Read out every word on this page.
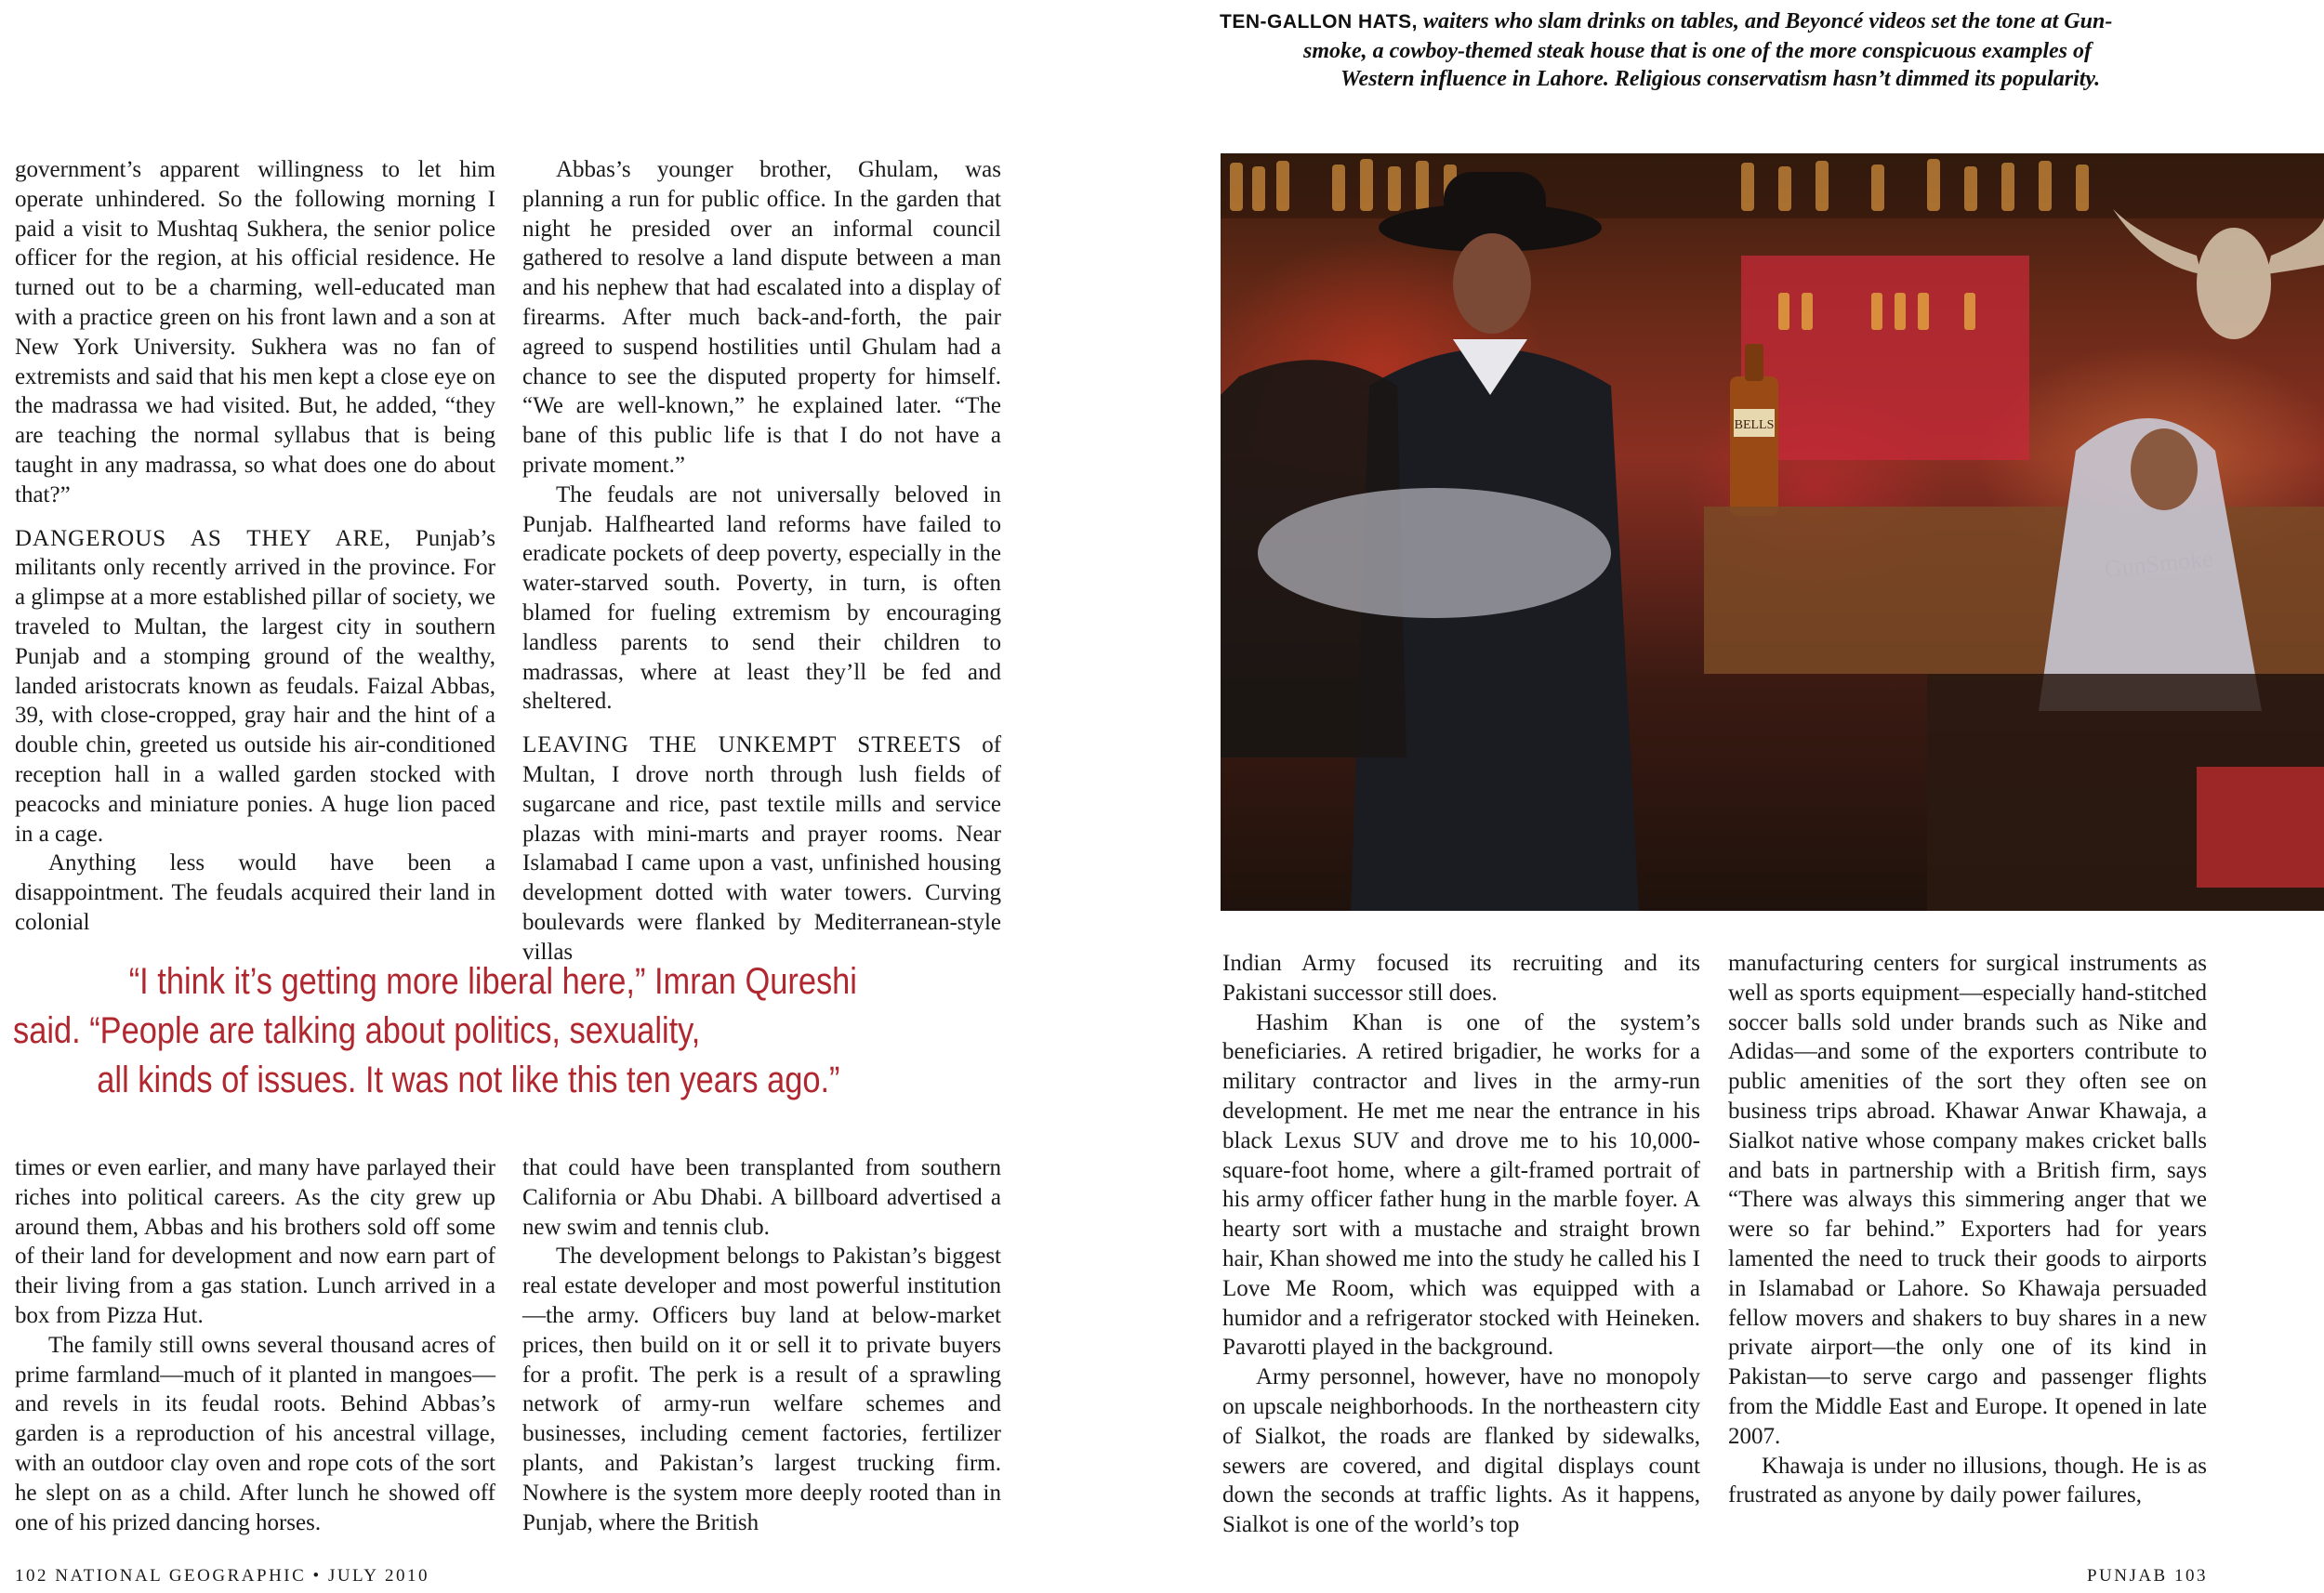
government’s apparent willingness to let him operate unhindered. So the following morning I paid a visit to Mushtaq Sukhera, the senior police officer for the region, at his official residence. He turned out to be a charming, well-educated man with a practice green on his front lawn and a son at New York University. Sukhera was no fan of extremists and said that his men kept a close eye on the madrassa we had visited. But, he added, “they are teaching the normal syllabus that is being taught in any madrassa, so what does one do about that?”

DANGEROUS AS THEY ARE, Punjab’s militants only recently arrived in the province. For a glimpse at a more established pillar of society, we traveled to Multan, the largest city in southern Punjab and a stomping ground of the wealthy, landed aristocrats known as feudals. Faizal Abbas, 39, with close-cropped, gray hair and the hint of a double chin, greeted us outside his air-conditioned reception hall in a walled garden stocked with peacocks and miniature ponies. A huge lion paced in a cage.

Anything less would have been a disappointment. The feudals acquired their land in colonial

Abbas’s younger brother, Ghulam, was planning a run for public office. In the garden that night he presided over an informal council gathered to resolve a land dispute between a man and his nephew that had escalated into a display of firearms. After much back-and-forth, the pair agreed to suspend hostilities until Ghulam had a chance to see the disputed property for himself. “We are well-known,” he explained later. “The bane of this public life is that I do not have a private moment.”

The feudals are not universally beloved in Punjab. Halfhearted land reforms have failed to eradicate pockets of deep poverty, especially in the water-starved south. Poverty, in turn, is often blamed for fueling extremism by encouraging landless parents to send their children to madrassas, where at least they’ll be fed and sheltered.

LEAVING THE UNKEMPT STREETS of Multan, I drove north through lush fields of sugarcane and rice, past textile mills and service plazas with mini-marts and prayer rooms. Near Islamabad I came upon a vast, unfinished housing development dotted with water towers. Curving boulevards were flanked by Mediterranean-style villas

“I think it’s getting more liberal here,” Imran Qureshi
said. “People are talking about politics, sexuality,
all kinds of issues. It was not like this ten years ago.”

times or even earlier, and many have parlayed their riches into political careers. As the city grew up around them, Abbas and his brothers sold off some of their land for development and now earn part of their living from a gas station. Lunch arrived in a box from Pizza Hut.

The family still owns several thousand acres of prime farmland—much of it planted in mangoes—and revels in its feudal roots. Behind Abbas’s garden is a reproduction of his ancestral village, with an outdoor clay oven and rope cots of the sort he slept on as a child. After lunch he showed off one of his prized dancing horses.

that could have been transplanted from southern California or Abu Dhabi. A billboard advertised a new swim and tennis club.

The development belongs to Pakistan’s biggest real estate developer and most powerful institution—the army. Officers buy land at below-market prices, then build on it or sell it to private buyers for a profit. The perk is a result of a sprawling network of army-run welfare schemes and businesses, including cement factories, fertilizer plants, and Pakistan’s largest trucking firm. Nowhere is the system more deeply rooted than in Punjab, where the British

102 NATIONAL GEOGRAPHIC • JULY 2010
TEN-GALLON HATS, waiters who slam drinks on tables, and Beyoncé videos set the tone at Gun-
smoke, a cowboy-themed steak house that is one of the more conspicuous examples of
Western influence in Lahore. Religious conservatism hasn’t dimmed its popularity.
BELLS

Indian Army focused its recruiting and its Pakistani successor still does.

Hashim Khan is one of the system’s beneficiaries. A retired brigadier, he works for a military contractor and lives in the army-run development. He met me near the entrance in his black Lexus SUV and drove me to his 10,000-square-foot home, where a gilt-framed portrait of his army officer father hung in the marble foyer. A hearty sort with a mustache and straight brown hair, Khan showed me into the study he called his I Love Me Room, which was equipped with a humidor and a refrigerator stocked with Heineken. Pavarotti played in the background.

Army personnel, however, have no monopoly on upscale neighborhoods. In the northeastern city of Sialkot, the roads are flanked by sidewalks, sewers are covered, and digital displays count down the seconds at traffic lights. As it happens, Sialkot is one of the world’s top

manufacturing centers for surgical instruments as well as sports equipment—especially hand-stitched soccer balls sold under brands such as Nike and Adidas—and some of the exporters contribute to public amenities of the sort they often see on business trips abroad. Khawar Anwar Khawaja, a Sialkot native whose company makes cricket balls and bats in partnership with a British firm, says “There was always this simmering anger that we were so far behind.” Exporters had for years lamented the need to truck their goods to airports in Islamabad or Lahore. So Khawaja persuaded fellow movers and shakers to buy shares in a new private airport—the only one of its kind in Pakistan—to serve cargo and passenger flights from the Middle East and Europe. It opened in late 2007.

Khawaja is under no illusions, though. He is as frustrated as anyone by daily power failures,

PUNJAB 103
